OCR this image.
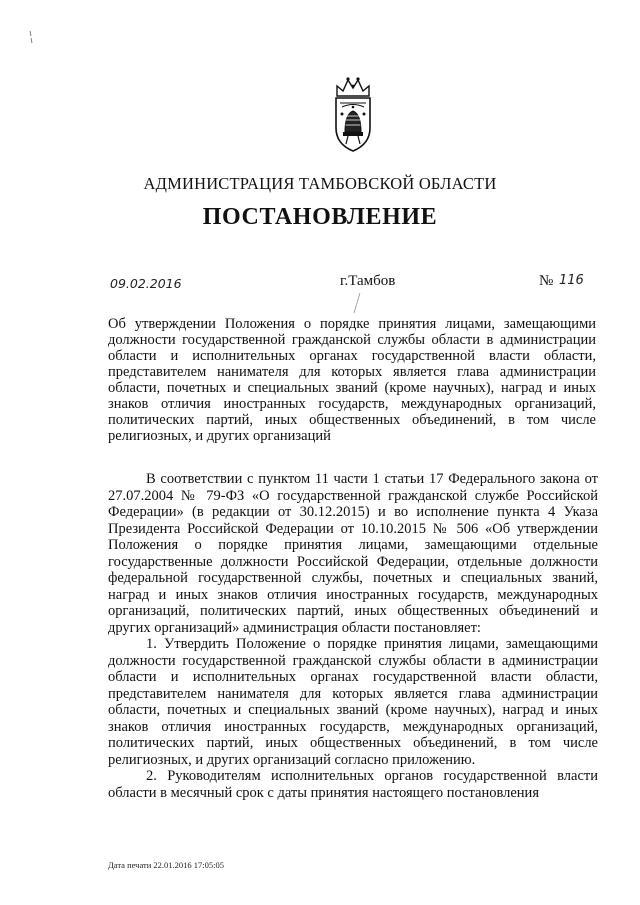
АДМИНИСТРАЦИЯ ТАМБОВСКОЙ ОБЛАСТИ
ПОСТАНОВЛЕНИЕ
09.02.2016	г.Тамбов	№ 116
Об утверждении Положения о порядке принятия лицами, замещающими должности государственной гражданской службы области в администрации области и исполнительных органах государственной власти области, представителем нанимателя для которых является глава администрации области, почетных и специальных званий (кроме научных), наград и иных знаков отличия иностранных государств, международных организаций, политических партий, иных общественных объединений, в том числе религиозных, и других организаций

В соответствии с пунктом 11 части 1 статьи 17 Федерального закона от 27.07.2004 № 79-ФЗ «О государственной гражданской службе Российской Федерации» (в редакции от 30.12.2015) и во исполнение пункта 4 Указа Президента Российской Федерации от 10.10.2015 № 506 «Об утверждении Положения о порядке принятия лицами, замещающими отдельные государственные должности Российской Федерации, отдельные должности федеральной государственной службы, почетных и специальных званий, наград и иных знаков отличия иностранных государств, международных организаций, политических партий, иных общественных объединений и других организаций» администрация области постановляет:

1. Утвердить Положение о порядке принятия лицами, замещающими должности государственной гражданской службы области в администрации области и исполнительных органах государственной власти области, представителем нанимателя для которых является глава администрации области, почетных и специальных званий (кроме научных), наград и иных знаков отличия иностранных государств, международных организаций, политических партий, иных общественных объединений, в том числе религиозных, и других организаций согласно приложению.

2. Руководителям исполнительных органов государственной власти области в месячный срок с даты принятия настоящего постановления

Дата печати 22.01.2016 17:05:05
